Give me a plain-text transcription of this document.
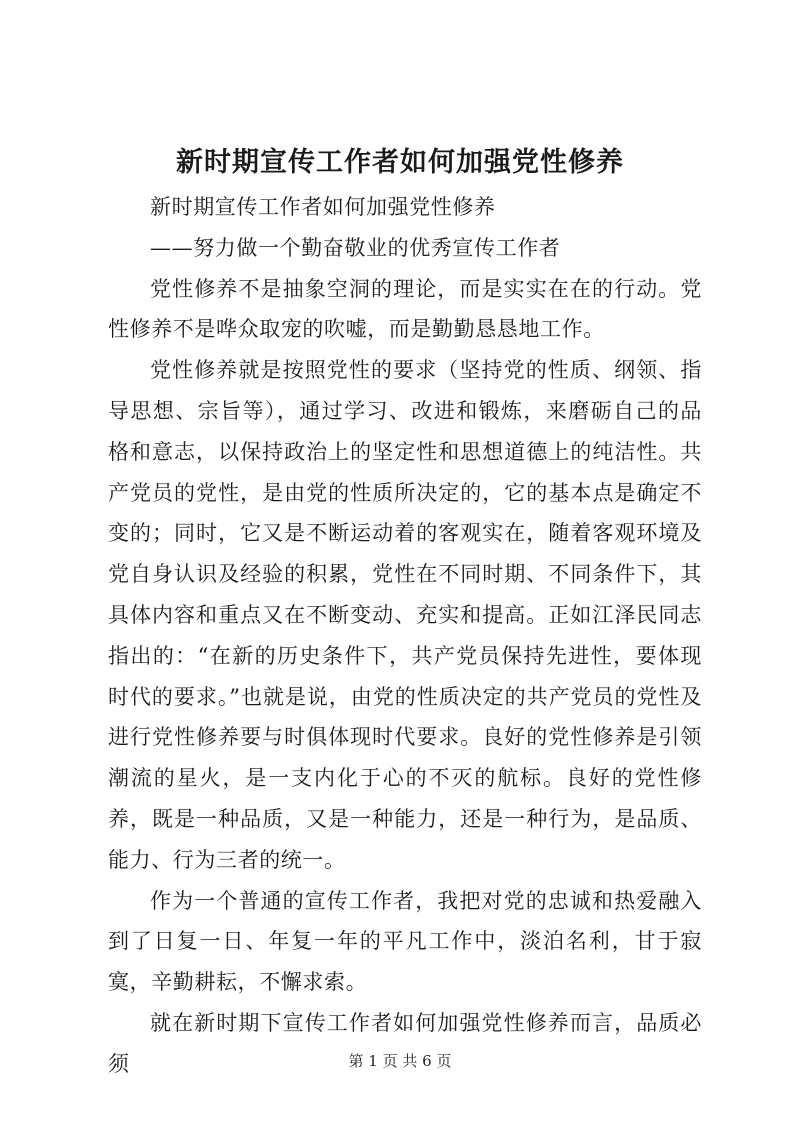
新时期宣传工作者如何加强党性修养

新时期宣传工作者如何加强党性修养

——努力做一个勤奋敬业的优秀宣传工作者

党性修养不是抽象空洞的理论，而是实实在在的行动。党性修养不是哗众取宠的吹嘘，而是勤勤恳恳地工作。

党性修养就是按照党性的要求（坚持党的性质、纲领、指导思想、宗旨等），通过学习、改进和锻炼，来磨砺自己的品格和意志，以保持政治上的坚定性和思想道德上的纯洁性。共产党员的党性，是由党的性质所决定的，它的基本点是确定不变的；同时，它又是不断运动着的客观实在，随着客观环境及党自身认识及经验的积累，党性在不同时期、不同条件下，其具体内容和重点又在不断变动、充实和提高。正如江泽民同志指出的：“在新的历史条件下，共产党员保持先进性，要体现时代的要求。”也就是说，由党的性质决定的共产党员的党性及进行党性修养要与时俱体现时代要求。良好的党性修养是引领潮流的星火，是一支内化于心的不灭的航标。良好的党性修养，既是一种品质，又是一种能力，还是一种行为，是品质、能力、行为三者的统一。

作为一个普通的宣传工作者，我把对党的忠诚和热爱融入到了日复一日、年复一年的平凡工作中，淡泊名利，甘于寂寞，辛勤耕耘，不懈求索。

就在新时期下宣传工作者如何加强党性修养而言，品质必须	第 1 页 共 6 页
